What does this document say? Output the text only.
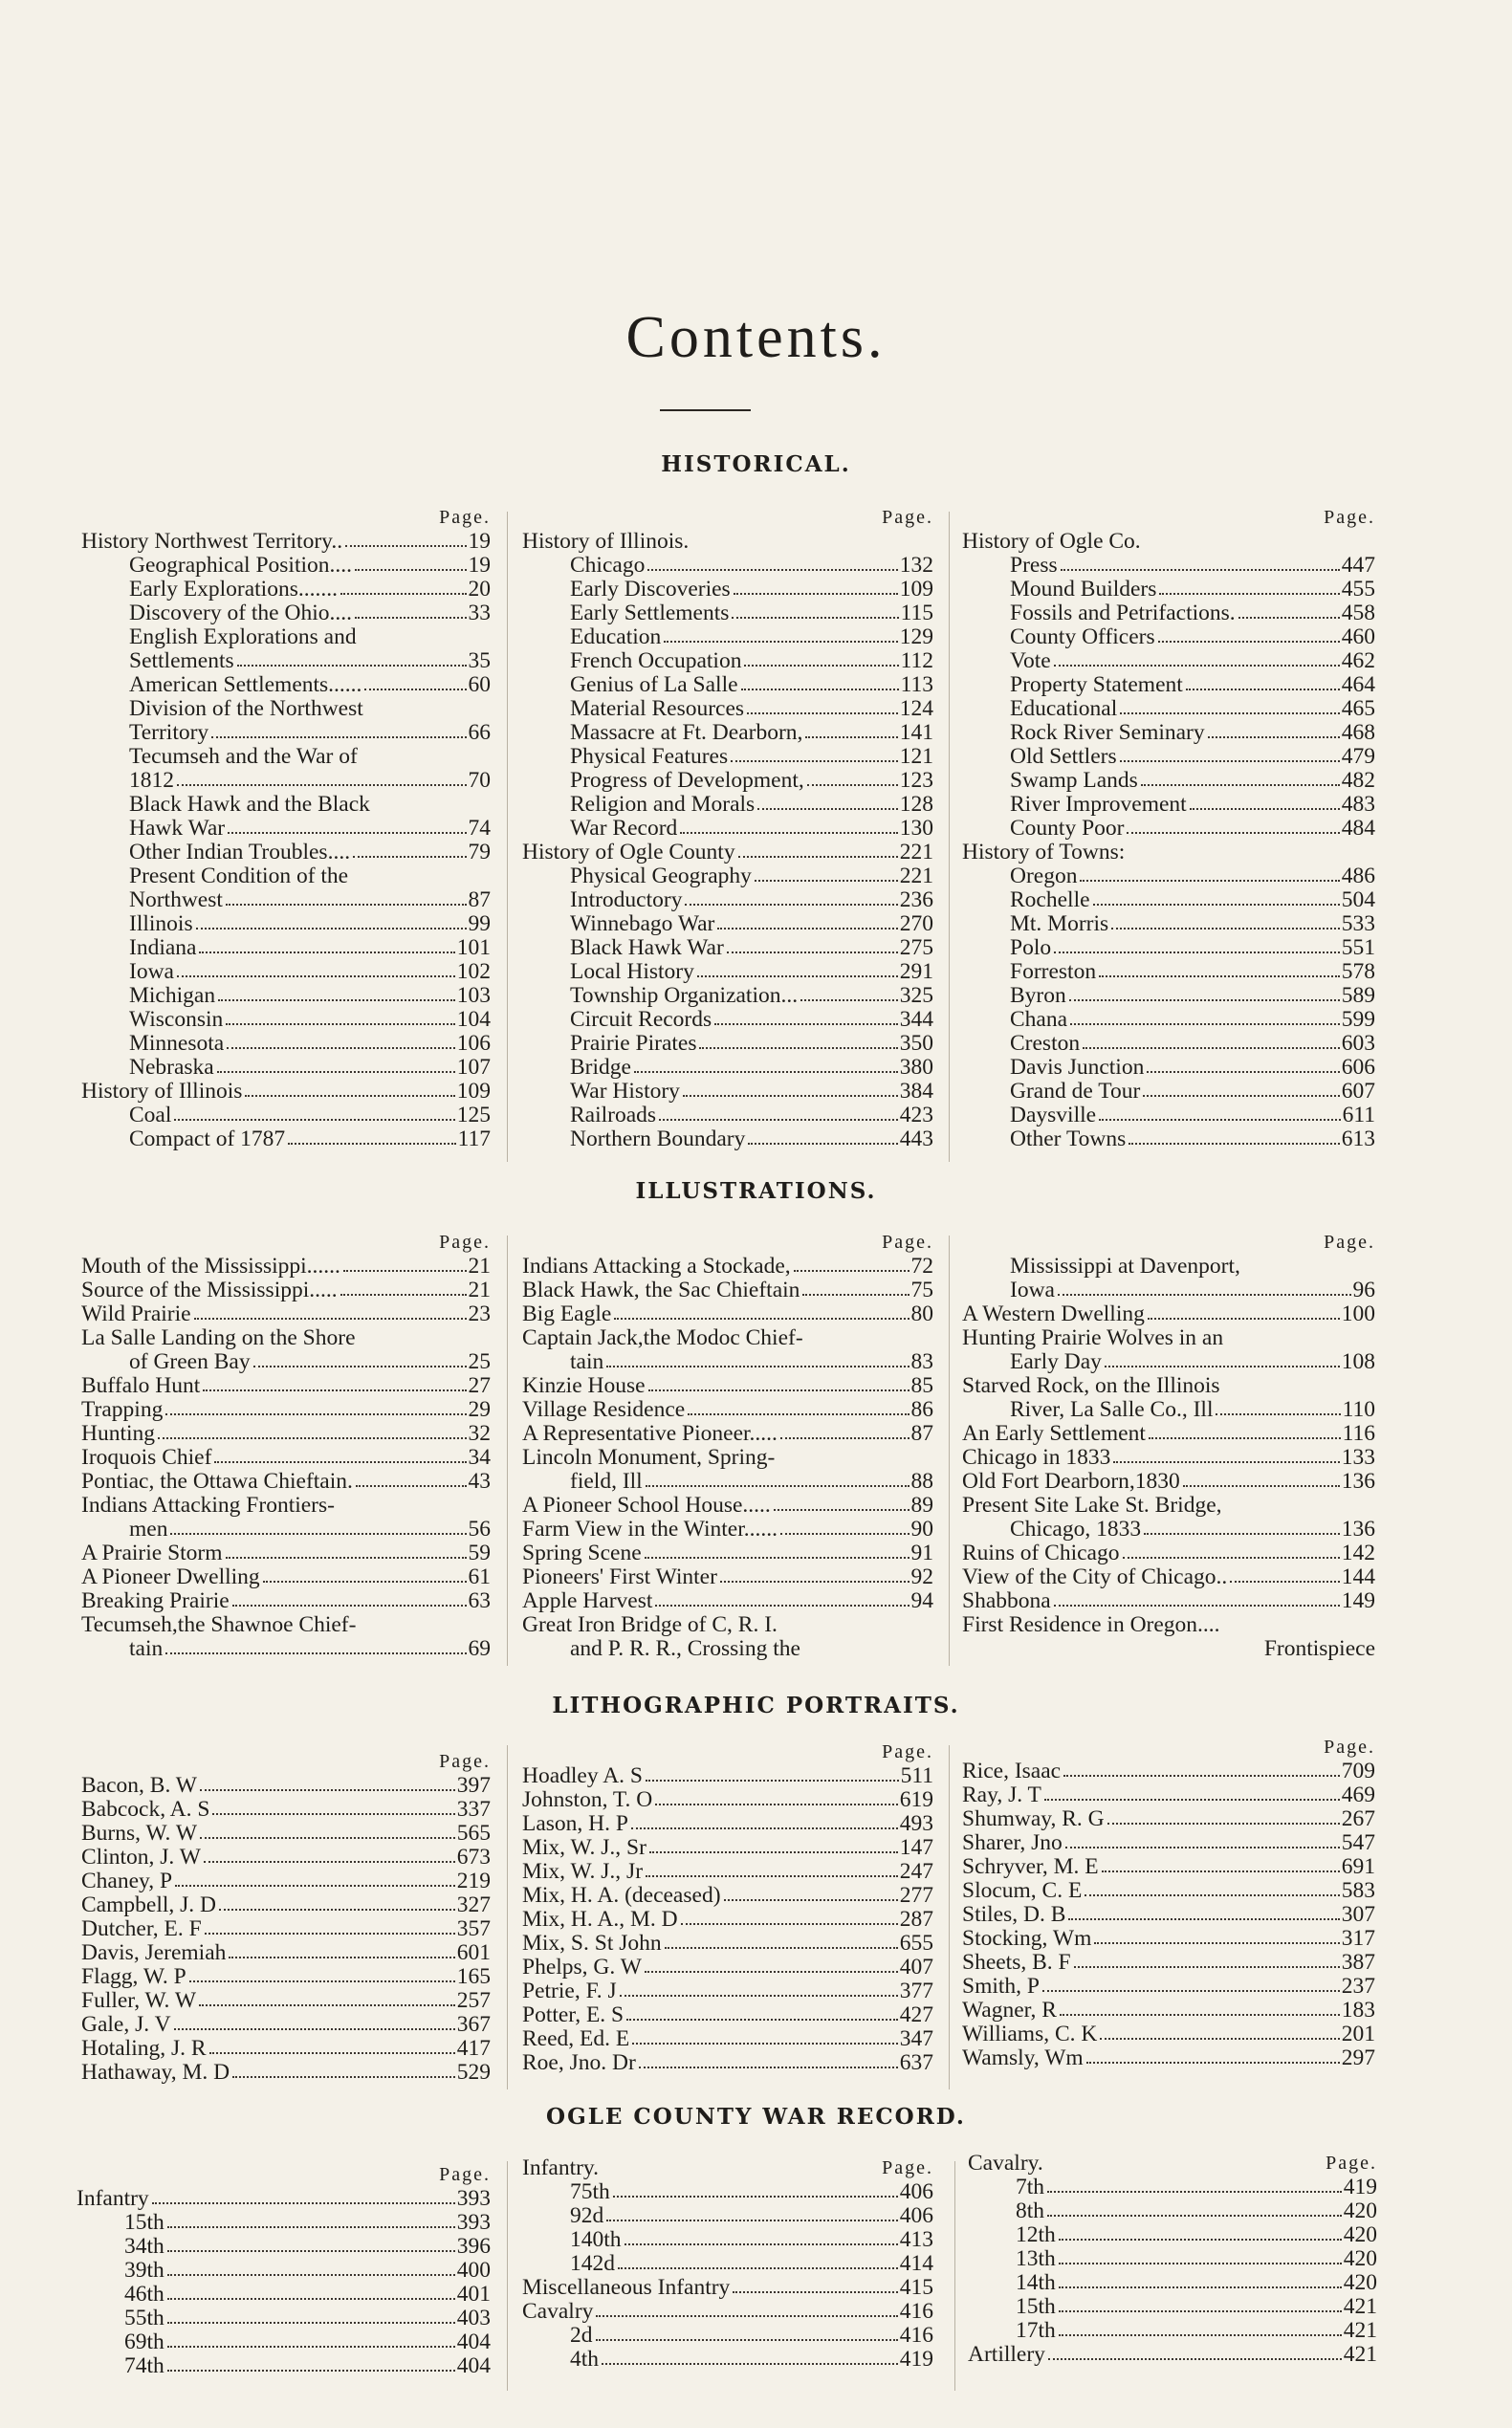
Contents.
HISTORICAL.
Page.
History Northwest Territory..	19
Geographical Position....	19
Early Explorations.......	20
Discovery of the Ohio....	33
English Explorations and
Settlements	35
American Settlements......	60
Division of the Northwest
Territory	66
Tecumseh and the War of
1812	70
Black Hawk and the Black
Hawk War	74
Other Indian Troubles....	79
Present Condition of the
Northwest	87
Illinois	99
Indiana	101
Iowa	102
Michigan	103
Wisconsin	104
Minnesota	106
Nebraska	107
History of Illinois	109
Coal	125
Compact of 1787	117
Page.
History of Illinois.
Chicago	132
Early Discoveries	109
Early Settlements	115
Education	129
French Occupation	112
Genius of La Salle	113
Material Resources	124
Massacre at Ft. Dearborn,	141
Physical Features	121
Progress of Development,	123
Religion and Morals	128
War Record	130
History of Ogle County	221
Physical Geography	221
Introductory	236
Winnebago War	270
Black Hawk War	275
Local History	291
Township Organization...	325
Circuit Records	344
Prairie Pirates	350
Bridge	380
War History	384
Railroads	423
Northern Boundary	443
Page.
History of Ogle Co.
Press	447
Mound Builders	455
Fossils and Petrifactions.	458
County Officers	460
Vote	462
Property Statement	464
Educational	465
Rock River Seminary	468
Old Settlers	479
Swamp Lands	482
River Improvement	483
County Poor	484
History of Towns:
Oregon	486
Rochelle	504
Mt. Morris	533
Polo	551
Forreston	578
Byron	589
Chana	599
Creston	603
Davis Junction	606
Grand de Tour	607
Daysville	611
Other Towns	613
ILLUSTRATIONS.
Page.
Mouth of the Mississippi......	21
Source of the Mississippi.....	21
Wild Prairie	23
La Salle Landing on the Shore
of Green Bay	25
Buffalo Hunt	27
Trapping	29
Hunting	32
Iroquois Chief	34
Pontiac, the Ottawa Chieftain.	43
Indians Attacking Frontiers-
men	56
A Prairie Storm	59
A Pioneer Dwelling	61
Breaking Prairie	63
Tecumseh,the Shawnoe Chief-
tain	69
Page.
Indians Attacking a Stockade,	72
Black Hawk, the Sac Chieftain	75
Big Eagle	80
Captain Jack,the Modoc Chief-
tain	83
Kinzie House	85
Village Residence	86
A Representative Pioneer.....	87
Lincoln Monument, Spring-
field, Ill	88
A Pioneer School House.....	89
Farm View in the Winter......	90
Spring Scene	91
Pioneers' First Winter	92
Apple Harvest	94
Great Iron Bridge of C, R. I.
and P. R. R., Crossing the
Page.
Mississippi at Davenport,
Iowa	96
A Western Dwelling	100
Hunting Prairie Wolves in an
Early Day	108
Starved Rock, on the Illinois
River, La Salle Co., Ill	110
An Early Settlement	116
Chicago in 1833	133
Old Fort Dearborn,1830	136
Present Site Lake St. Bridge,
Chicago, 1833	136
Ruins of Chicago	142
View of the City of Chicago..	144
Shabbona	149
First Residence in Oregon....
Frontispiece
LITHOGRAPHIC PORTRAITS.
Page.
Bacon, B. W	397
Babcock, A. S	337
Burns, W. W	565
Clinton, J. W	673
Chaney, P	219
Campbell, J. D	327
Dutcher, E. F	357
Davis, Jeremiah	601
Flagg, W. P	165
Fuller, W. W	257
Gale, J. V	367
Hotaling, J. R	417
Hathaway, M. D	529
Page.
Hoadley A. S	511
Johnston, T. O	619
Lason, H. P	493
Mix, W. J., Sr	147
Mix, W. J., Jr	247
Mix, H. A. (deceased)	277
Mix, H. A., M. D	287
Mix, S. St John	655
Phelps, G. W	407
Petrie, F. J	377
Potter, E. S	427
Reed, Ed. E	347
Roe, Jno. Dr	637
Page.
Rice, Isaac	709
Ray, J. T	469
Shumway, R. G	267
Sharer, Jno	547
Schryver, M. E	691
Slocum, C. E	583
Stiles, D. B	307
Stocking, Wm	317
Sheets, B. F	387
Smith, P	237
Wagner, R	183
Williams, C. K	201
Wamsly, Wm	297
OGLE COUNTY WAR RECORD.
Page.
Infantry	393
15th	393
34th	396
39th	400
46th	401
55th	403
69th	404
74th	404
Infantry.	Page.
75th	406
92d	406
140th	413
142d	414
Miscellaneous Infantry	415
Cavalry	416
2d	416
4th	419
Cavalry.	Page.
7th	419
8th	420
12th	420
13th	420
14th	420
15th	421
17th	421
Artillery	421
